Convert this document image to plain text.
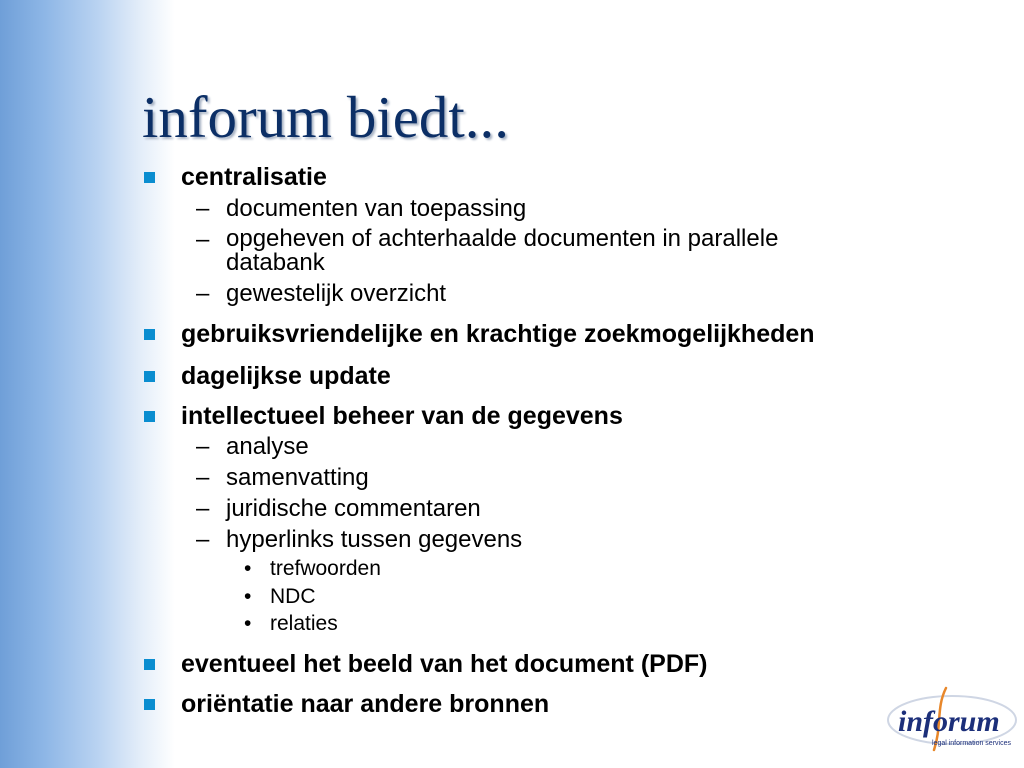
inforum biedt...
centralisatie
– documenten van toepassing
– opgeheven of achterhaalde documenten in parallele
databank
– gewestelijk overzicht
gebruiksvriendelijke en krachtige zoekmogelijkheden
dagelijkse update
intellectueel beheer van de gegevens
– analyse
– samenvatting
– juridische commentaren
– hyperlinks tussen gegevens
• trefwoorden
• NDC
• relaties
eventueel het beeld van het document (PDF)
oriëntatie naar andere bronnen
inforum
legal information services
